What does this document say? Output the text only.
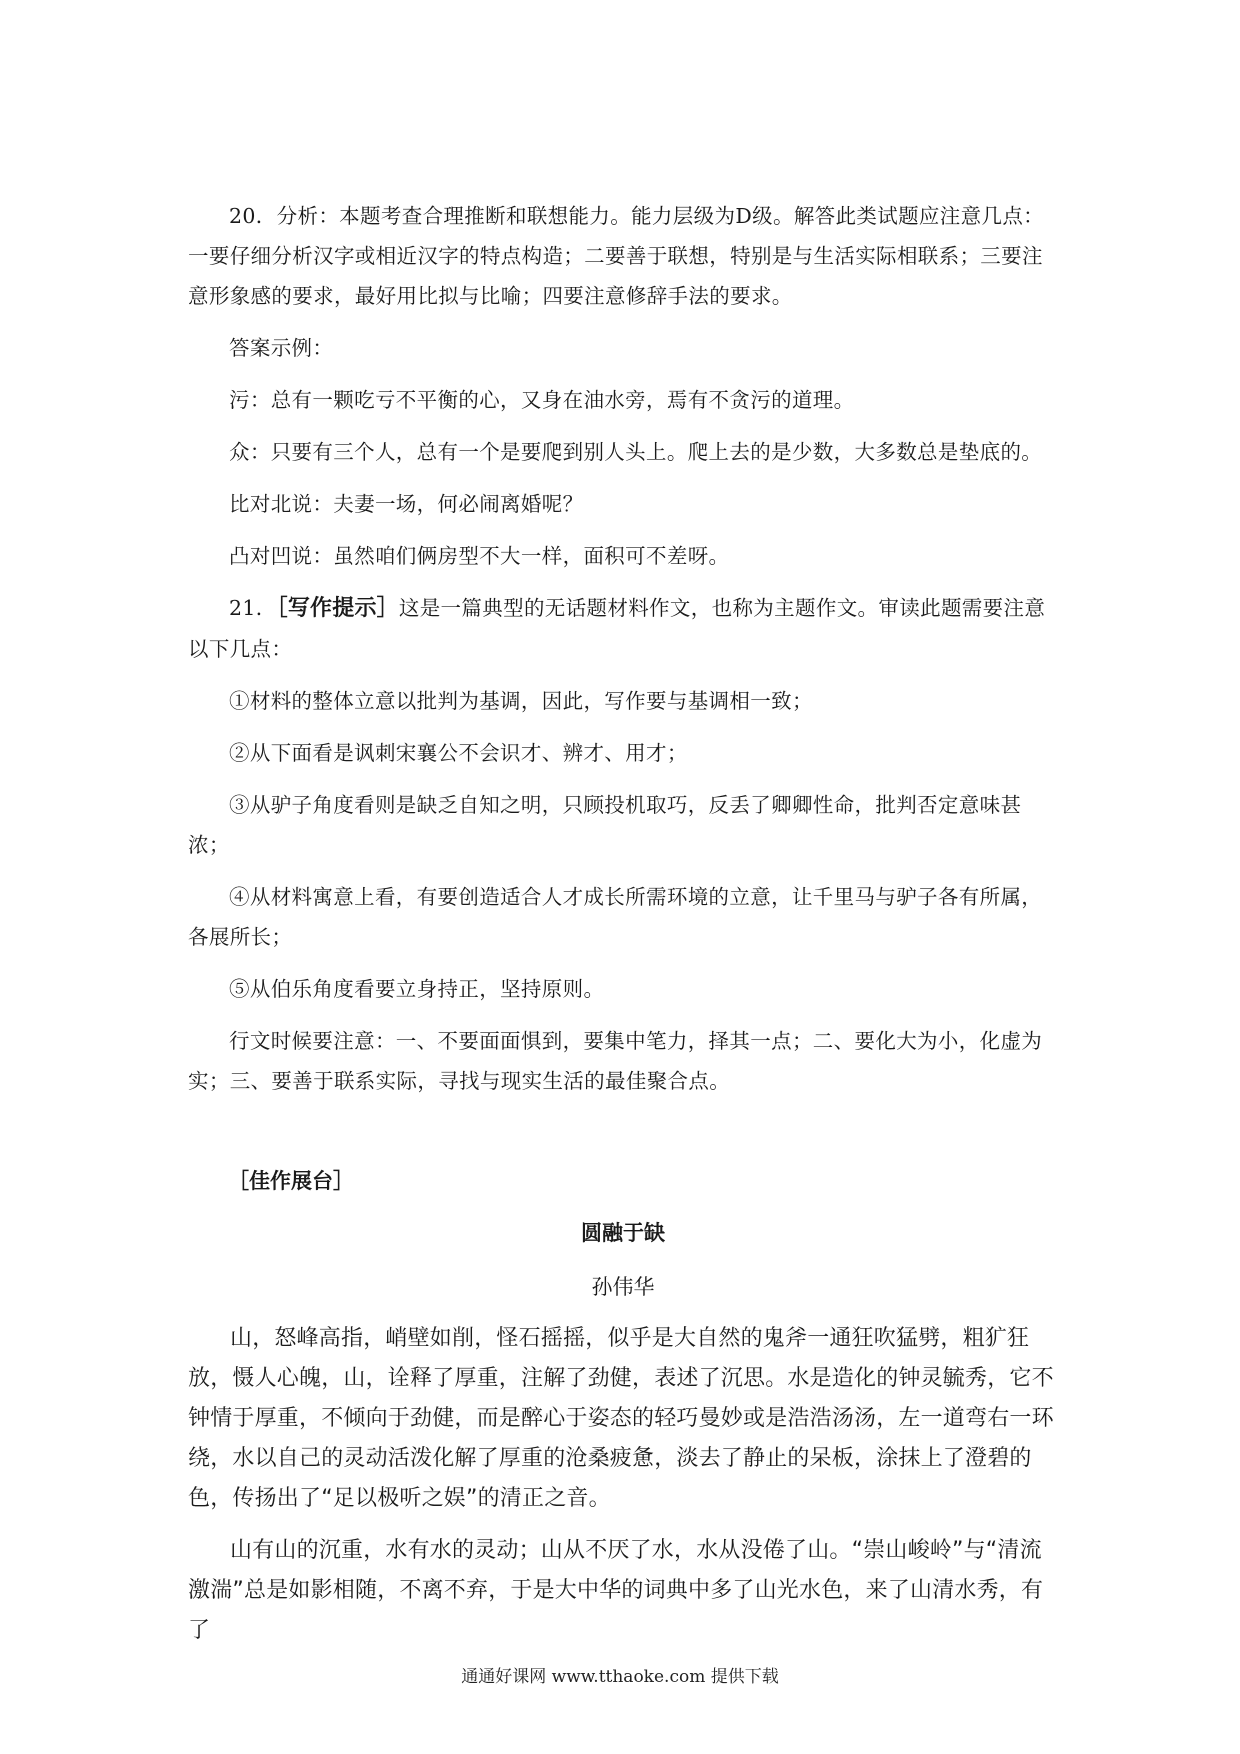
20．分析：本题考查合理推断和联想能力。能力层级为D级。解答此类试题应注意几点：一要仔细分析汉字或相近汉字的特点构造；二要善于联想，特别是与生活实际相联系；三要注意形象感的要求，最好用比拟与比喻；四要注意修辞手法的要求。

答案示例：

污：总有一颗吃亏不平衡的心，又身在油水旁，焉有不贪污的道理。

众：只要有三个人，总有一个是要爬到别人头上。爬上去的是少数，大多数总是垫底的。

比对北说：夫妻一场，何必闹离婚呢？

凸对凹说：虽然咱们俩房型不大一样，面积可不差呀。

21．［写作提示］这是一篇典型的无话题材料作文，也称为主题作文。审读此题需要注意以下几点：

①材料的整体立意以批判为基调，因此，写作要与基调相一致；

②从下面看是讽刺宋襄公不会识才、辨才、用才；

③从驴子角度看则是缺乏自知之明，只顾投机取巧，反丢了卿卿性命，批判否定意味甚浓；

④从材料寓意上看，有要创造适合人才成长所需环境的立意，让千里马与驴子各有所属，各展所长；

⑤从伯乐角度看要立身持正，坚持原则。

行文时候要注意：一、不要面面惧到，要集中笔力，择其一点；二、要化大为小，化虚为实；三、要善于联系实际，寻找与现实生活的最佳聚合点。

［佳作展台］

圆融于缺

孙伟华

山，怒峰高指，峭壁如削，怪石摇摇，似乎是大自然的鬼斧一通狂吹猛劈，粗犷狂放，慑人心魄，山，诠释了厚重，注解了劲健，表述了沉思。水是造化的钟灵毓秀，它不钟情于厚重，不倾向于劲健，而是醉心于姿态的轻巧曼妙或是浩浩汤汤，左一道弯右一环绕，水以自己的灵动活泼化解了厚重的沧桑疲惫，淡去了静止的呆板，涂抹上了澄碧的色，传扬出了“足以极听之娱”的清正之音。

山有山的沉重，水有水的灵动；山从不厌了水，水从没倦了山。“崇山峻岭”与“清流激湍”总是如影相随，不离不弃，于是大中华的词典中多了山光水色，来了山清水秀，有了

通通好课网 www.tthaoke.com 提供下载
